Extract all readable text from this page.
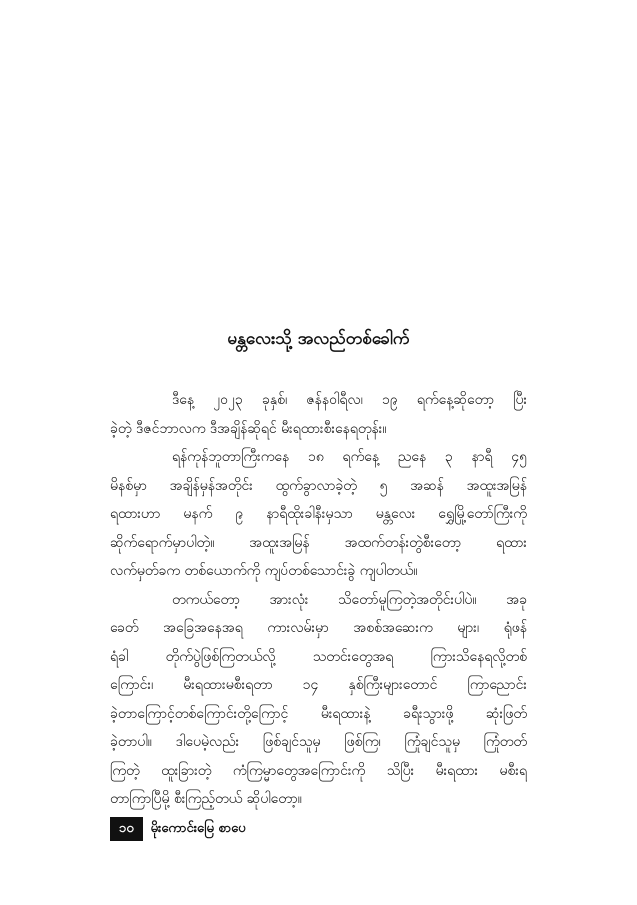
မန္တလေးသို့ အလည်တစ်ခေါက်
ဒီနေ့ ၂၀၂၃ ခုနှစ်၊ ဇန်နဝါရီလ၊ ၁၉ ရက်နေ့ဆိုတော့ ပြီး
ခဲ့တဲ့ ဒီဇင်ဘာလက ဒီအချိန်ဆိုရင် မီးရထားစီးနေရတုန်း။
ရန်ကုန်ဘူတာကြီးကနေ ၁၈ ရက်နေ့ ညနေ ၃ နာရီ ၄၅
မိနစ်မှာ အချိန်မှန်အတိုင်း ထွက်ခွာလာခဲ့တဲ့ ၅ အဆန် အထူးအမြန်
ရထားဟာ မနက် ၉ နာရီထိုးခါနီးမှသာ မန္တလေး ရွှေမြို့တော်ကြီးကို
ဆိုက်ရောက်မှာပါတဲ့။ အထူးအမြန် အထက်တန်းတွဲစီးတော့ ရထား
လက်မှတ်ခက တစ်ယောက်ကို ကျပ်တစ်သောင်းခွဲ ကျပါတယ်။
တကယ်တော့ အားလုံး သိတော်မူကြတဲ့အတိုင်းပါပဲ။ အခု
ခေတ် အခြေအနေအရ ကားလမ်းမှာ အစစ်အဆေးက များ၊ ရုံဖန်
ရံခါ တိုက်ပွဲဖြစ်ကြတယ်လို့ သတင်းတွေအရ ကြားသိနေရလို့တစ်
ကြောင်း၊ မီးရထားမစီးရတာ ၁၄ နှစ်ကြီးများတောင် ကြာညောင်း
ခဲ့တာကြောင့်တစ်ကြောင်းတို့ကြောင့် မီးရထားနဲ့ ခရီးသွားဖို့ ဆုံးဖြတ်
ခဲ့တာပါ။ ဒါပေမဲ့လည်း ဖြစ်ချင်သူမှ ဖြစ်ကြ၊ ကြုံချင်သူမှ ကြုံတတ်
ကြတဲ့ ထူးခြားတဲ့ ကံကြမ္မာတွေအကြောင်းကို သိပြီး မီးရထား မစီးရ
တာကြာပြီမို့ စီးကြည့်တယ် ဆိုပါတော့။
၁၀	မိုးကောင်းမြေ စာပေ
